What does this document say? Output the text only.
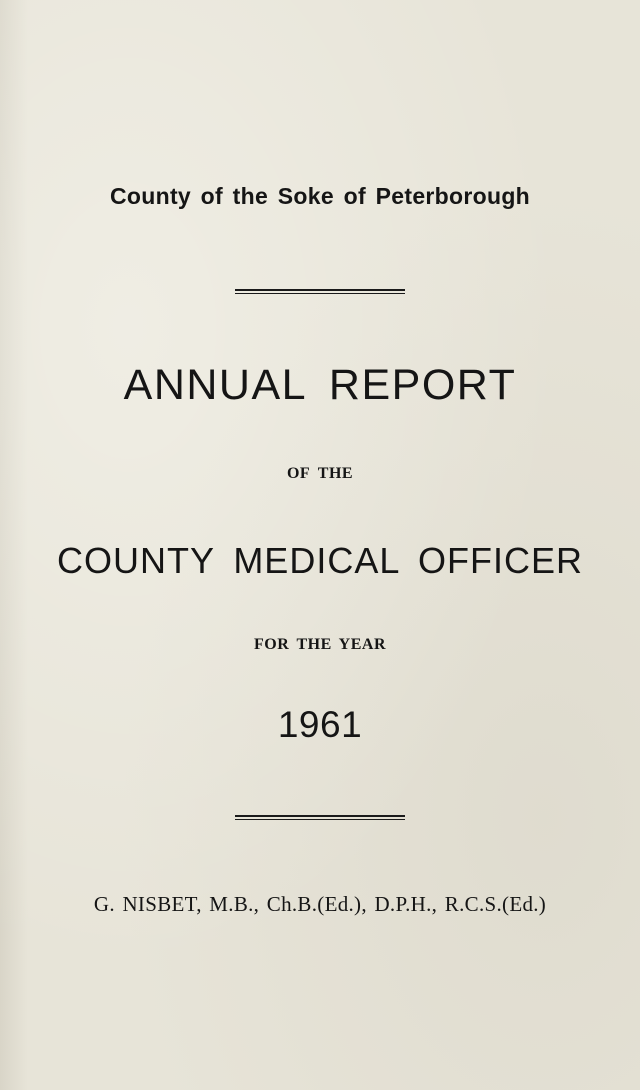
County of the Soke of Peterborough
ANNUAL REPORT
OF THE
COUNTY MEDICAL OFFICER
FOR THE YEAR
1961
G. NISBET, M.B., Ch.B.(Ed.), D.P.H., R.C.S.(Ed.)
